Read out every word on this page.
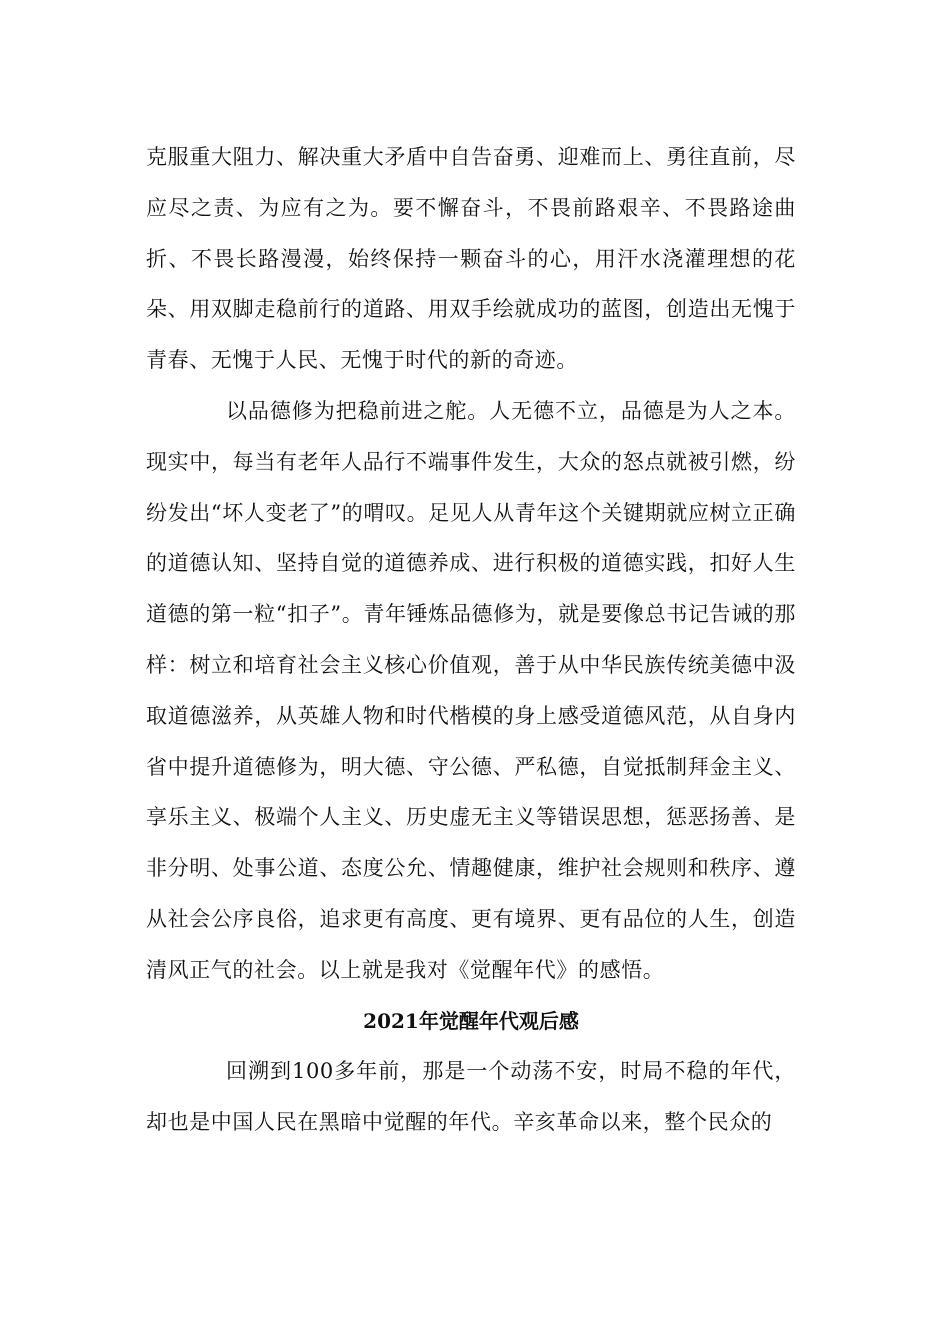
克服重大阻力、解决重大矛盾中自告奋勇、迎难而上、勇往直前，尽应尽之责、为应有之为。要不懈奋斗，不畏前路艰辛、不畏路途曲折、不畏长路漫漫，始终保持一颗奋斗的心，用汗水浇灌理想的花朵、用双脚走稳前行的道路、用双手绘就成功的蓝图，创造出无愧于青春、无愧于人民、无愧于时代的新的奇迹。

以品德修为把稳前进之舵。人无德不立，品德是为人之本。现实中，每当有老年人品行不端事件发生，大众的怒点就被引燃，纷纷发出“坏人变老了”的喟叹。足见人从青年这个关键期就应树立正确的道德认知、坚持自觉的道德养成、进行积极的道德实践，扣好人生道德的第一粒“扣子”。青年锤炼品德修为，就是要像总书记告诫的那样：树立和培育社会主义核心价值观，善于从中华民族传统美德中汲取道德滋养，从英雄人物和时代楷模的身上感受道德风范，从自身内省中提升道德修为，明大德、守公德、严私德，自觉抵制拜金主义、享乐主义、极端个人主义、历史虚无主义等错误思想，惩恶扬善、是非分明、处事公道、态度公允、情趣健康，维护社会规则和秩序、遵从社会公序良俗，追求更有高度、更有境界、更有品位的人生，创造清风正气的社会。以上就是我对《觉醒年代》的感悟。

2021年觉醒年代观后感

回溯到100多年前，那是一个动荡不安，时局不稳的年代，却也是中国人民在黑暗中觉醒的年代。辛亥革命以来，整个民众的
